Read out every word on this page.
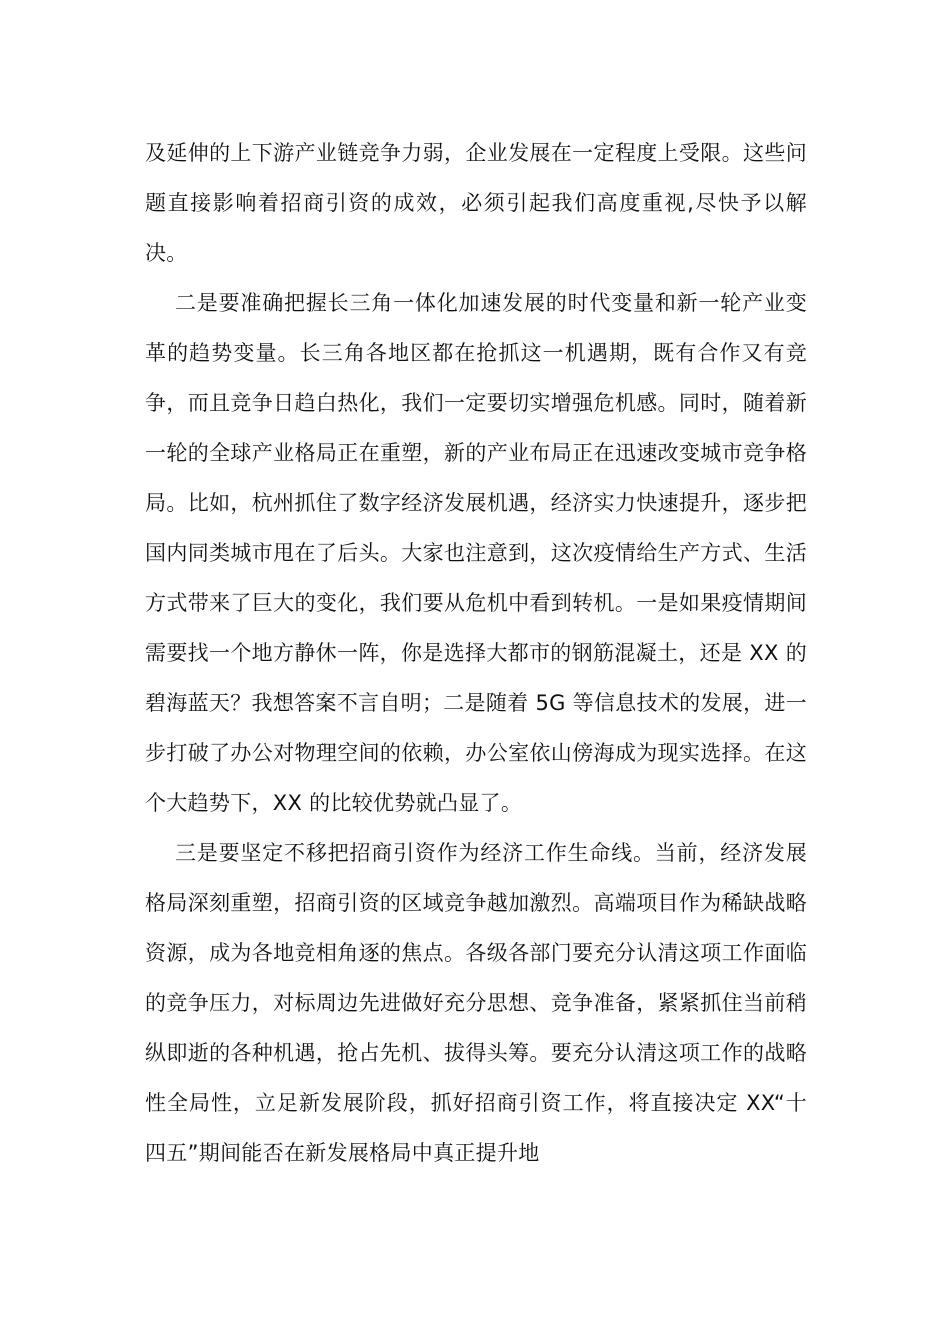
及延伸的上下游产业链竞争力弱，企业发展在一定程度上受限。这些问题直接影响着招商引资的成效，必须引起我们高度重视,尽快予以解决。

二是要准确把握长三角一体化加速发展的时代变量和新一轮产业变革的趋势变量。长三角各地区都在抢抓这一机遇期，既有合作又有竞争，而且竞争日趋白热化，我们一定要切实增强危机感。同时，随着新一轮的全球产业格局正在重塑，新的产业布局正在迅速改变城市竞争格局。比如，杭州抓住了数字经济发展机遇，经济实力快速提升，逐步把国内同类城市甩在了后头。大家也注意到，这次疫情给生产方式、生活方式带来了巨大的变化，我们要从危机中看到转机。一是如果疫情期间需要找一个地方静休一阵，你是选择大都市的钢筋混凝土，还是 XX 的碧海蓝天？我想答案不言自明；二是随着 5G 等信息技术的发展，进一步打破了办公对物理空间的依赖，办公室依山傍海成为现实选择。在这个大趋势下，XX 的比较优势就凸显了。

三是要坚定不移把招商引资作为经济工作生命线。当前，经济发展格局深刻重塑，招商引资的区域竞争越加激烈。高端项目作为稀缺战略资源，成为各地竞相角逐的焦点。各级各部门要充分认清这项工作面临的竞争压力，对标周边先进做好充分思想、竞争准备，紧紧抓住当前稍纵即逝的各种机遇，抢占先机、拔得头筹。要充分认清这项工作的战略性全局性，立足新发展阶段，抓好招商引资工作，将直接决定 XX“十四五”期间能否在新发展格局中真正提升地
